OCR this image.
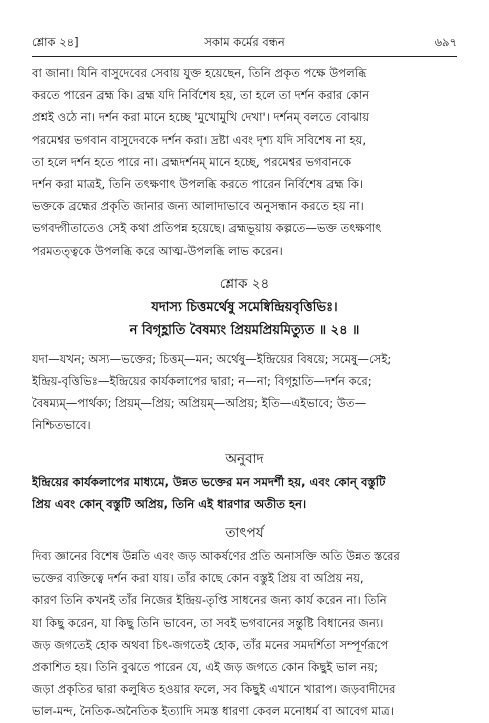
শ্লোক ২৪]	সকাম কর্মের বন্ধন	৬৯৭
বা জানা। যিনি বাসুদেবের সেবায় যুক্ত হয়েছেন, তিনি প্রকৃত পক্ষে উপলব্ধি
করতে পারেন ব্রহ্ম কি। ব্রহ্ম যদি নির্বিশেষ হয়, তা হলে তা দর্শন করার কোন
প্রশ্নই ওঠে না। দর্শন করা মানে হচ্ছে 'মুখোমুখি দেখা'। দর্শনম্ বলতে বোঝায়
পরমেশ্বর ভগবান বাসুদেবকে দর্শন করা। দ্রষ্টা এবং দৃশ্য যদি সবিশেষ না হয়,
তা হলে দর্শন হতে পারে না। ব্রহ্মদর্শনম্ মানে হচ্ছে, পরমেশ্বর ভগবানকে
দর্শন করা মাত্রই, তিনি তৎক্ষণাৎ উপলব্ধি করতে পারেন নির্বিশেষ ব্রহ্ম কি।
ভক্তকে ব্রহ্মের প্রকৃতি জানার জন্য আলাদাভাবে অনুসন্ধান করতে হয় না।
ভগবদ্গীতাতেও সেই কথা প্রতিপন্ন হয়েছে। ব্রহ্মভূয়ায় কল্পতে—ভক্ত তৎক্ষণাৎ
পরমতত্ত্বকে উপলব্ধি করে আত্ম-উপলব্ধি লাভ করেন।
শ্লোক ২৪
যদাস্য চিত্তমর্থেষু সমেষ্বিন্দ্রিয়বৃত্তিভিঃ।
ন বিগৃহ্ণাতি বৈষম্যং প্রিয়মপ্রিয়মিত্যুত ॥ ২৪ ॥
যদা—যখন; অস্য—ভক্তের; চিত্তম্—মন; অর্থেষু—ইন্দ্রিয়ের বিষয়ে; সমেষু—সেই;
ইন্দ্রিয়-বৃত্তিভিঃ—ইন্দ্রিয়ের কার্যকলাপের দ্বারা; ন—না; বিগৃহ্ণাতি—দর্শন করে;
বৈষম্যম্—পার্থক্য; প্রিয়ম্—প্রিয়; অপ্রিয়ম্—অপ্রিয়; ইতি—এইভাবে; উত—
নিশ্চিতভাবে।
অনুবাদ
ইন্দ্রিয়ের কার্যকলাপের মাধ্যমে, উন্নত ভক্তের মন সমদর্শী হয়, এবং কোন্ বস্তুটি
প্রিয় এবং কোন্ বস্তুটি অপ্রিয়, তিনি এই ধারণার অতীত হন।
তাৎপর্য
দিব্য জ্ঞানের বিশেষ উন্নতি এবং জড় আকর্ষণের প্রতি অনাসক্তি অতি উন্নত স্তরের
ভক্তের ব্যক্তিত্বে দর্শন করা যায়। তাঁর কাছে কোন বস্তুই প্রিয় বা অপ্রিয় নয়,
কারণ তিনি কখনই তাঁর নিজের ইন্দ্রিয়-তৃপ্তি সাধনের জন্য কার্য করেন না। তিনি
যা কিছু করেন, যা কিছু তিনি ভাবেন, তা সবই ভগবানের সন্তুষ্টি বিধানের জন্য।
জড় জগতেই হোক অথবা চিৎ-জগতেই হোক, তাঁর মনের সমদর্শিতা সম্পূর্ণরূপে
প্রকাশিত হয়। তিনি বুঝতে পারেন যে, এই জড় জগতে কোন কিছুই ভাল নয়;
জড়া প্রকৃতির দ্বারা কলুষিত হওয়ার ফলে, সব কিছুই এখানে খারাপ। জড়বাদীদের
ভাল-মন্দ, নৈতিক-অনৈতিক ইত্যাদি সমস্ত ধারণা কেবল মনোধর্ম বা আবেগ মাত্র।
